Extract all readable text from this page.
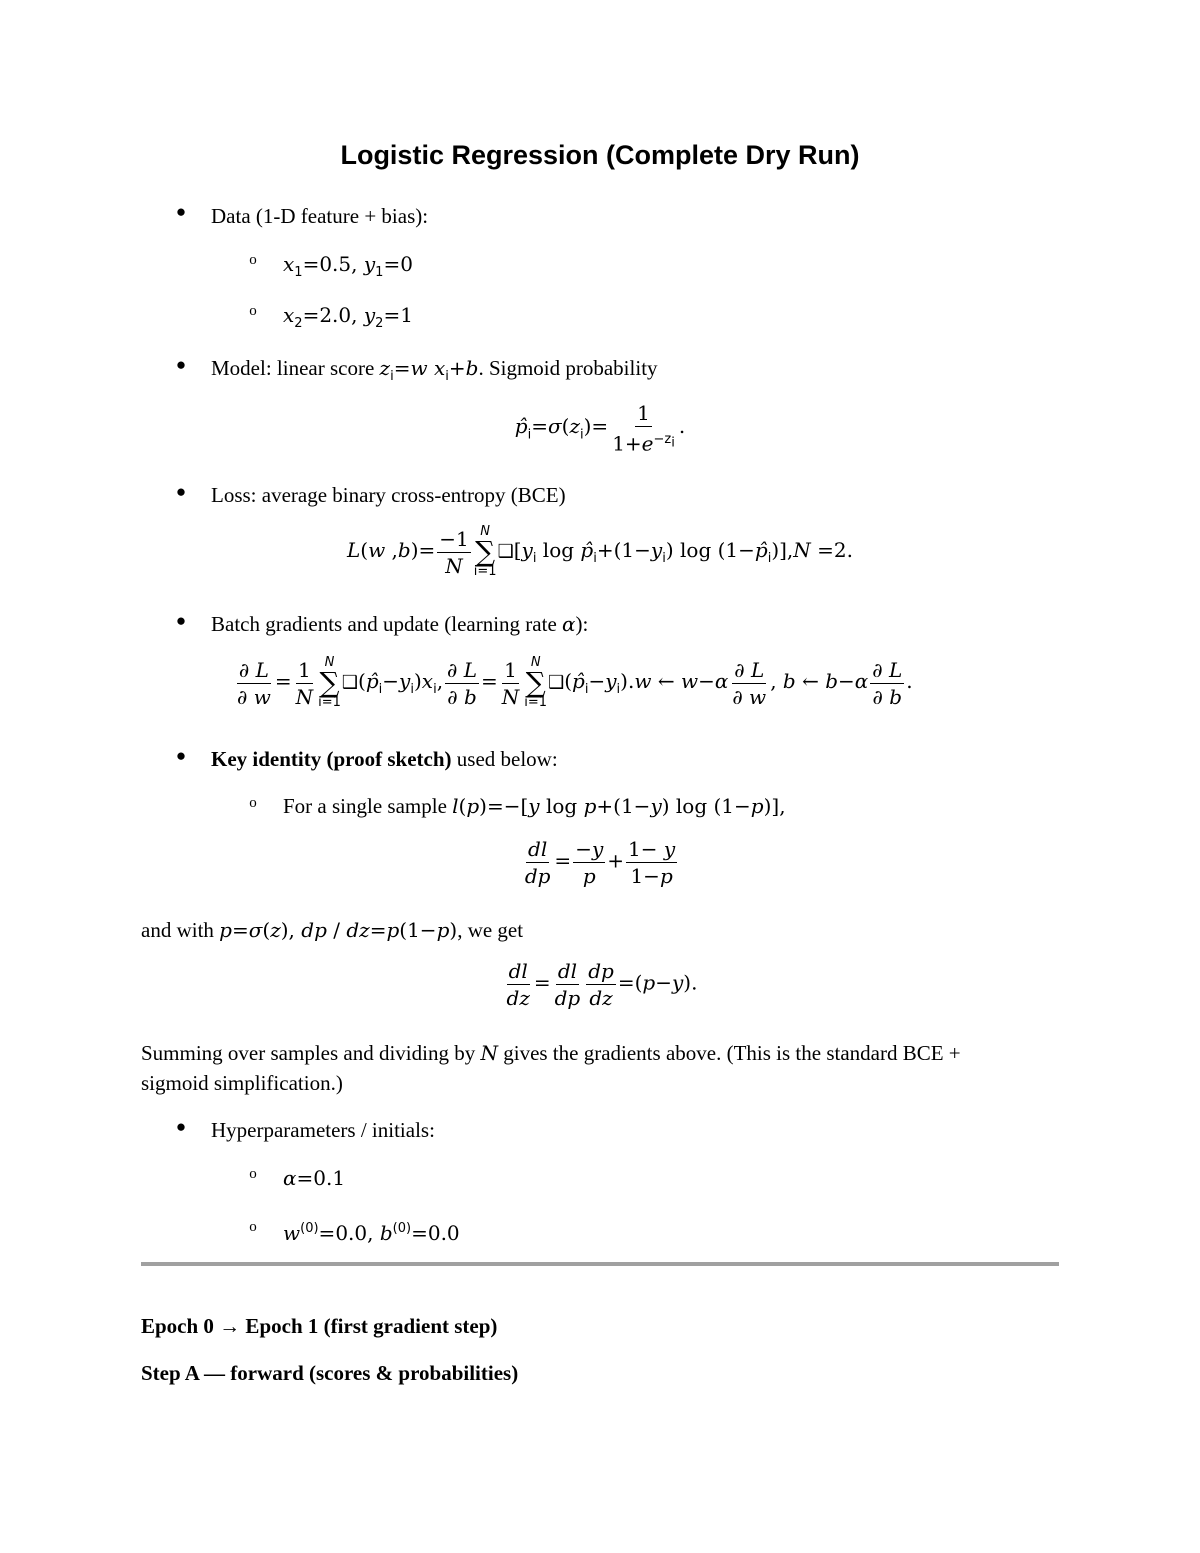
Logistic Regression (Complete Dry Run)
● Data (1-D feature + bias):
o $x_1=0.5$, $y_1=0$
o $x_2=2.0$, $y_2=1$
● Model: linear score $z_i=w$ $x_i+b$. Sigmoid probability
$p̂_i=\sigma(z_i)= \frac{1}{1+e^{-z_i}}$ .
● Loss: average binary cross-entropy (BCE)
L(w $,b)= \frac{-1}{N}$ N
∑
i=1
$❑[y_i$ $\log p̂_i+(1-y_i)$ $\log (1-p̂_i)],N =2$.
● Batch gradients and update (learning rate α):
$\frac{\partial L}{\partial w} = \frac{1}{N}$ N
∑
i=1
$❑(p̂_i-y_i)x_i$, $\frac{\partial L}{\partial b} = \frac{1}{N}$ N
∑
i=1
$❑(p̂_i-y_i).w$ ← $w-\alpha \frac{\partial L}{\partial w}$ , b ← $b-\alpha \frac{\partial L}{\partial b}$ .
● Key identity (proof sketch) used below:
o For a single sample l(p)=−[y log p+(1−y) log (1−p)],
$\frac{dl}{dp} = \frac{-y}{p} + \frac{1- y}{1-p}$
and with p=σ(z), dp / dz=p(1−p), we get
$\frac{dl}{dz} = \frac{dl}{dp} \frac{dp}{dz} =(p-y)$.
Summing over samples and dividing by N gives the gradients above. (This is the standard BCE +
sigmoid simplification.)
● Hyperparameters / initials:
o α=0.1
o $w^{(0)}=0.0$, $b^{(0)}=0.0$
Epoch 0 → Epoch 1 (first gradient step)
Step A — forward (scores & probabilities)
